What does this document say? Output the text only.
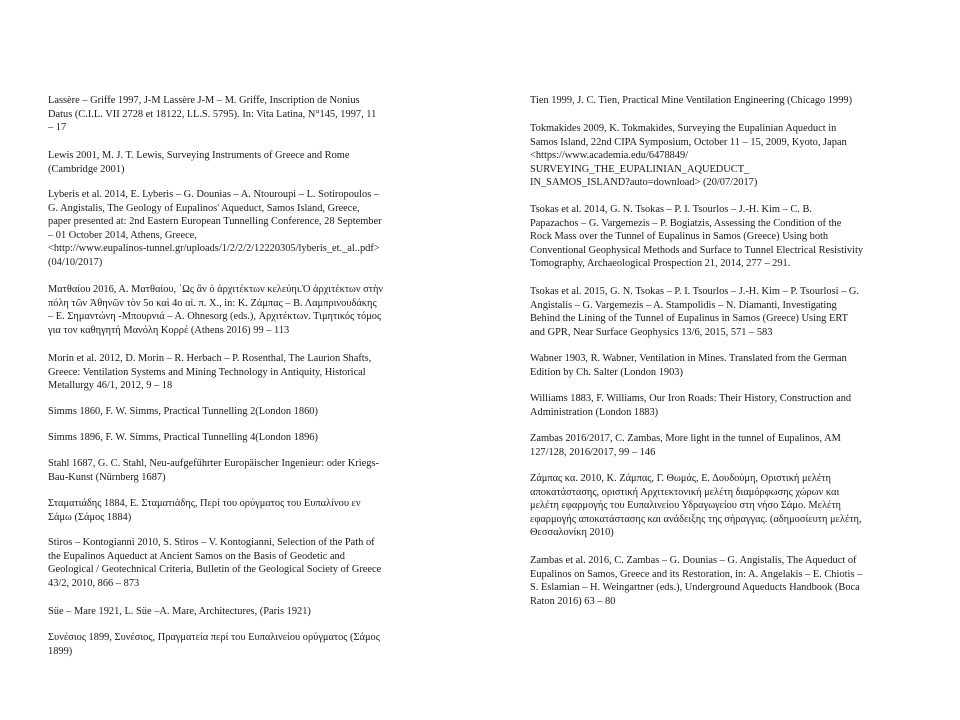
Lassère – Griffe 1997, J-M Lassère J-M – M. Griffe, Inscription de Nonius
Datus (C.I.L. VII 2728 et 18122, I.L.S. 5795). In: Vita Latina, N°145, 1997, 11
– 17

Lewis 2001, M. J. T. Lewis, Surveying Instruments of Greece and Rome
(Cambridge 2001)

Lyberis et al. 2014, E. Lyberis – G. Dounias – A. Ntouroupi – L. Sotiropoulos –
G. Angistalis, The Geology of Eupalinos' Aqueduct, Samos Island, Greece,
paper presented at: 2nd Eastern European Tunnelling Conference, 28 September
– 01 October 2014, Athens, Greece,
<http://www.eupalinos-tunnel.gr/uploads/1/2/2/2/12220305/lyberis_et._al..pdf>
(04/10/2017)

Ματθαίου 2016, Α. Ματθαίου, ῾Ως ἂν ὁ ἀρχιτέκτων κελεύηι.Ὁ ἀρχιτέκτων στὴν
πόλη τῶν Ἀθηνῶν τὸν 5ο καὶ 4ο αἰ. π. Χ., in: Κ. Ζάμπας – Β. Λαμπρινουδάκης
– Ε. Σημαντώνη -Μπουρνιά – Α. Ohnesorg (eds.), Αρχιτέκτων. Τιμητικός τόμος
για τον καθηγητή Μανόλη Κορρέ (Athens 2016) 99 – 113

Morin et al. 2012, D. Morin – R. Herbach – P. Rosenthal, The Laurion Shafts,
Greece: Ventilation Systems and Mining Technology in Antiquity, Historical
Metallurgy 46/1, 2012, 9 – 18

Simms 1860, F. W. Simms, Practical Tunnelling 2(London 1860)

Simms 1896, F. W. Simms, Practical Tunnelling 4(London 1896)

Stahl 1687, G. C. Stahl, Neu-aufgeführter Europäischer Ingenieur: oder Kriegs-
Bau-Kunst (Nürnberg 1687)

Σταματιάδης 1884, Ε. Σταματιάδης, Περί του ορύγματος του Ευπαλίνου εν
Σάμω (Σάμος 1884)

Stiros – Kontogianni 2010, S. Stiros – V. Kontogianni, Selection of the Path of
the Eupalinos Aqueduct at Ancient Samos on the Basis of Geodetic and
Geological / Geotechnical Criteria, Bulletin of the Geological Society of Greece
43/2, 2010, 866 – 873

Süe – Mare 1921, L. Süe –A. Mare, Architectures, (Paris 1921)

Συνέσιος 1899, Συνέσιος, Πραγματεία περί του Ευπαλινείου ορύγματος (Σάμος
1899)

Tien 1999, J. C. Tien, Practical Mine Ventilation Engineering (Chicago 1999)

Tokmakides 2009, K. Tokmakides, Surveying the Eupalinian Aqueduct in
Samos Island, 22nd CIPA Symposium, October 11 – 15, 2009, Kyoto, Japan
<https://www.academia.edu/6478849/
SURVEYING_THE_EUPALINIAN_AQUEDUCT_
IN_SAMOS_ISLAND?auto=download> (20/07/2017)

Tsokas et al. 2014, G. N. Tsokas – P. I. Tsourlos – J.-H. Kim – C. B.
Papazachos – G. Vargemezis – P. Bogiatzis, Assessing the Condition of the
Rock Mass over the Tunnel of Eupalinus in Samos (Greece) Using both
Conventional Geophysical Methods and Surface to Tunnel Electrical Resistivity
Tomography, Archaeological Prospection 21, 2014, 277 – 291.

Tsokas et al. 2015, G. N. Tsokas – P. I. Tsourlos – J.-H. Kim – P. Tsourlosi – G.
Angistalis – G. Vargemezis – A. Stampolidis – N. Diamanti, Investigating
Behind the Lining of the Tunnel of Eupalinus in Samos (Greece) Using ERT
and GPR, Near Surface Geophysics 13/6, 2015, 571 – 583

Wabner 1903, R. Wabner, Ventilation in Mines. Translated from the German
Edition by Ch. Salter (London 1903)

Williams 1883, F. Williams, Our Iron Roads: Their History, Construction and
Administration (London 1883)

Zambas 2016/2017, C. Zambas, More light in the tunnel of Eupalinos, AM
127/128, 2016/2017, 99 – 146

Ζάμπας κα. 2010, Κ. Ζάμπας, Γ. Θωμάς, Ε. Δουδούμη, Οριστική μελέτη
αποκατάστασης, οριστική Αρχιτεκτονική μελέτη διαμόρφωσης χώρων και
μελέτη εφαρμογής του Ευπαλινείου Υδραγωγείου στη νήσο Σάμο. Μελέτη
εφαρμογής αποκατάστασης και ανάδειξης της σήραγγας. (αδημοσίευτη μελέτη,
Θεσσαλονίκη 2010)

Zambas et al. 2016, C. Zambas – G. Dounias – G. Angistalis, The Aqueduct of
Eupalinos on Samos, Greece and its Restoration, in: A. Angelakis – E. Chiotis –
S. Eslamian – H. Weingartner (eds.), Underground Aqueducts Handbook (Boca
Raton 2016) 63 – 80
